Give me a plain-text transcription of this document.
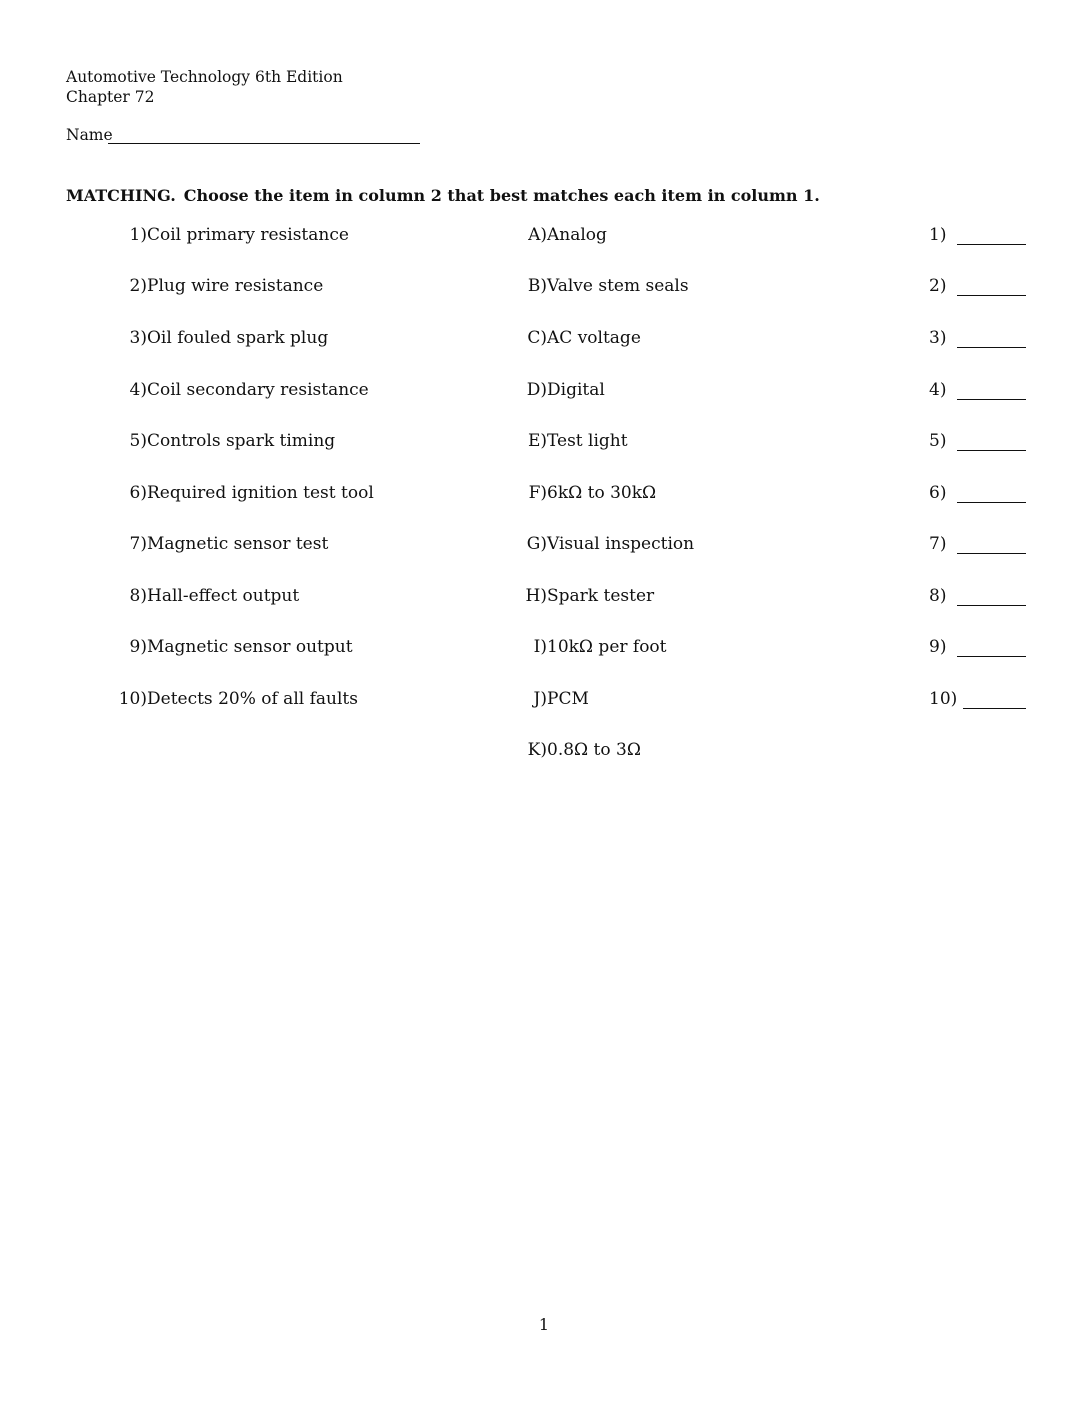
Automotive Technology 6th Edition
Chapter 72
Name
MATCHING. Choose the item in column 2 that best matches each item in column 1.
1) Coil primary resistance	A) Analog	1)
2) Plug wire resistance	B) Valve stem seals	2)
3) Oil fouled spark plug	C) AC voltage	3)
4) Coil secondary resistance	D) Digital	4)
5) Controls spark timing	E) Test light	5)
6) Required ignition test tool	F) 6kΩ to 30kΩ	6)
7) Magnetic sensor test	G) Visual inspection	7)
8) Hall-effect output	H) Spark tester	8)
9) Magnetic sensor output	I) 10kΩ per foot	9)
10) Detects 20% of all faults	J) PCM	10)
K) 0.8Ω to 3Ω
1
